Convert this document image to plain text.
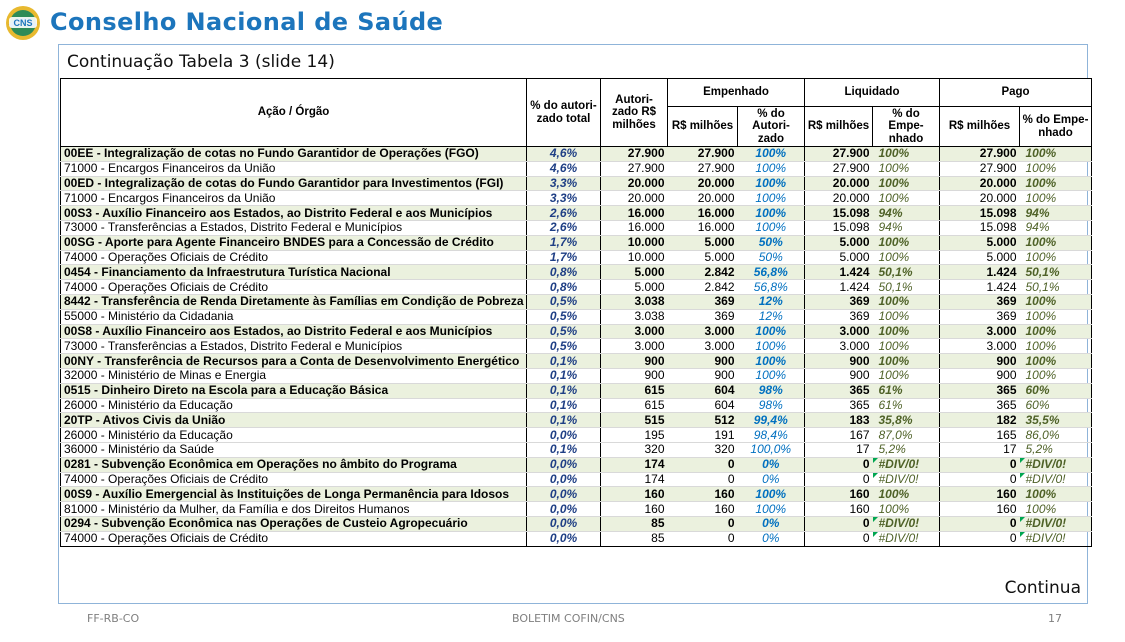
CNS Conselho Nacional de Saúde
Continuação Tabela 3 (slide 14)
Ação / Órgão	% do autori-zado total	Autori-zado R$ milhões	Empenhado		Liquidado		Pago	
			R$ milhões	% do Autori-zado	R$ milhões	% do Empe-nhado	R$ milhões	% do Empe-nhado
00EE - Integralização de cotas no Fundo Garantidor de Operações (FGO)	4,6%	27.900	27.900	100%	27.900	100%	27.900	100%
71000 - Encargos Financeiros da União	4,6%	27.900	27.900	100%	27.900	100%	27.900	100%
00ED - Integralização de cotas do Fundo Garantidor para Investimentos (FGI)	3,3%	20.000	20.000	100%	20.000	100%	20.000	100%
71000 - Encargos Financeiros da União	3,3%	20.000	20.000	100%	20.000	100%	20.000	100%
00S3 - Auxílio Financeiro aos Estados, ao Distrito Federal e aos Municípios	2,6%	16.000	16.000	100%	15.098	94%	15.098	94%
73000 - Transferências a Estados, Distrito Federal e Municípios	2,6%	16.000	16.000	100%	15.098	94%	15.098	94%
00SG - Aporte para Agente Financeiro BNDES para a Concessão de Crédito	1,7%	10.000	5.000	50%	5.000	100%	5.000	100%
74000 - Operações Oficiais de Crédito	1,7%	10.000	5.000	50%	5.000	100%	5.000	100%
0454 - Financiamento da Infraestrutura Turística Nacional	0,8%	5.000	2.842	56,8%	1.424	50,1%	1.424	50,1%
74000 - Operações Oficiais de Crédito	0,8%	5.000	2.842	56,8%	1.424	50,1%	1.424	50,1%
8442 - Transferência de Renda Diretamente às Famílias em Condição de Pobreza	0,5%	3.038	369	12%	369	100%	369	100%
55000 - Ministério da Cidadania	0,5%	3.038	369	12%	369	100%	369	100%
00S8 - Auxílio Financeiro aos Estados, ao Distrito Federal e aos Municípios	0,5%	3.000	3.000	100%	3.000	100%	3.000	100%
73000 - Transferências a Estados, Distrito Federal e Municípios	0,5%	3.000	3.000	100%	3.000	100%	3.000	100%
00NY - Transferência de Recursos para a Conta de Desenvolvimento Energético	0,1%	900	900	100%	900	100%	900	100%
32000 - Ministério de Minas e Energia	0,1%	900	900	100%	900	100%	900	100%
0515 - Dinheiro Direto na Escola para a Educação Básica	0,1%	615	604	98%	365	61%	365	60%
26000 - Ministério da Educação	0,1%	615	604	98%	365	61%	365	60%
20TP - Ativos Civis da União	0,1%	515	512	99,4%	183	35,8%	182	35,5%
26000 - Ministério da Educação	0,0%	195	191	98,4%	167	87,0%	165	86,0%
36000 - Ministério da Saúde	0,1%	320	320	100,0%	17	5,2%	17	5,2%
0281 - Subvenção Econômica em Operações no âmbito do Programa	0,0%	174	0	0%	0	#DIV/0!	0	#DIV/0!
74000 - Operações Oficiais de Crédito	0,0%	174	0	0%	0	#DIV/0!	0	#DIV/0!
00S9 - Auxílio Emergencial às Instituições de Longa Permanência para Idosos	0,0%	160	160	100%	160	100%	160	100%
81000 - Ministério da Mulher, da Família e dos Direitos Humanos	0,0%	160	160	100%	160	100%	160	100%
0294 - Subvenção Econômica nas Operações de Custeio Agropecuário	0,0%	85	0	0%	0	#DIV/0!	0	#DIV/0!
74000 - Operações Oficiais de Crédito	0,0%	85	0	0%	0	#DIV/0!	0	#DIV/0!
Continua
FF-RB-CO	BOLETIM COFIN/CNS	17
